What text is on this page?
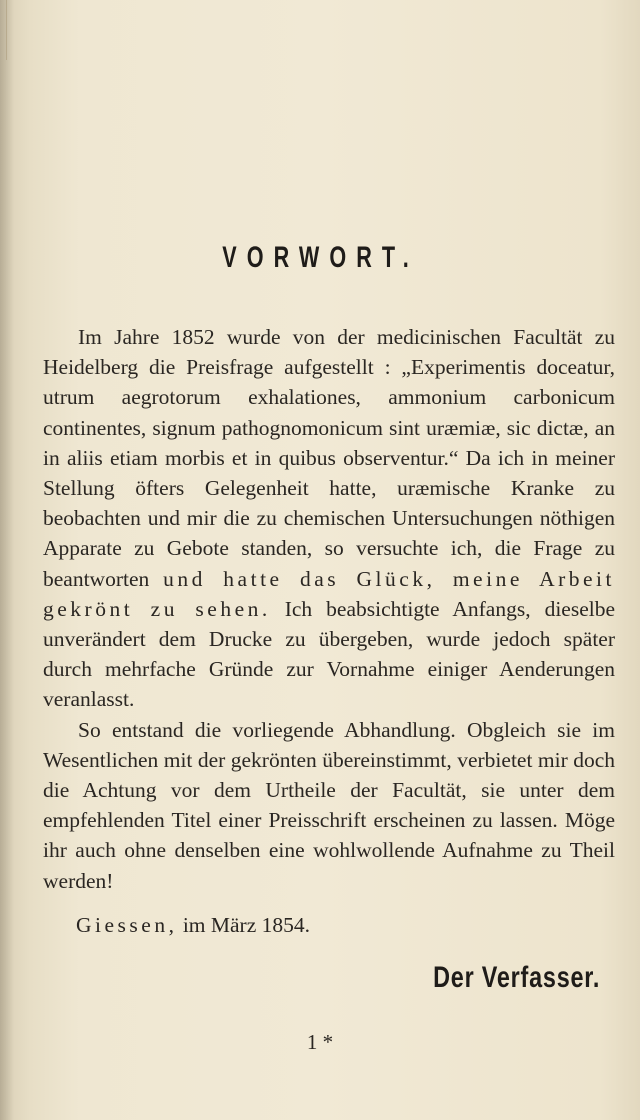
VORWORT.

Im Jahre 1852 wurde von der medicinischen Facultät zu Heidelberg die Preisfrage aufgestellt : „Experimentis doceatur, utrum aegrotorum exhalationes, ammonium carbonicum continentes, signum pathognomonicum sint uræmiæ, sic dictæ, an in aliis etiam morbis et in quibus observentur.“ Da ich in meiner Stellung öfters Gelegenheit hatte, uræmische Kranke zu beobachten und mir die zu chemischen Untersuchungen nöthigen Apparate zu Gebote standen, so versuchte ich, die Frage zu beantworten und hatte das Glück, meine Arbeit gekrönt zu sehen. Ich beabsichtigte Anfangs, dieselbe unverändert dem Drucke zu übergeben, wurde jedoch später durch mehrfache Gründe zur Vornahme einiger Aenderungen veranlasst.

So entstand die vorliegende Abhandlung. Obgleich sie im Wesentlichen mit der gekrönten übereinstimmt, verbietet mir doch die Achtung vor dem Urtheile der Facultät, sie unter dem empfehlenden Titel einer Preisschrift erscheinen zu lassen. Möge ihr auch ohne denselben eine wohlwollende Aufnahme zu Theil werden!

Giessen, im März 1854.

Der Verfasser.
1 *
